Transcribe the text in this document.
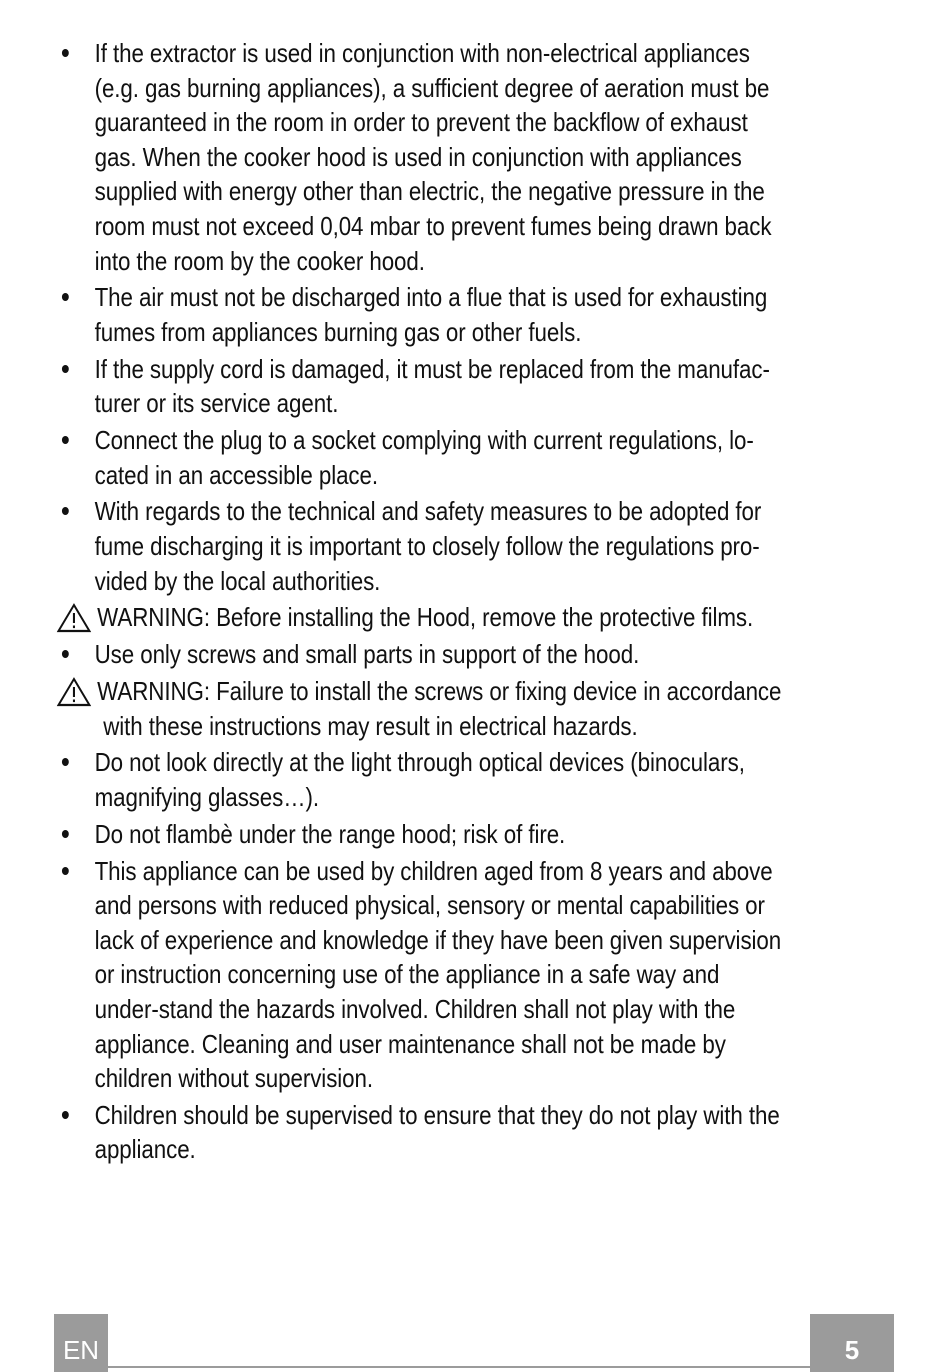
If the extractor is used in conjunction with non-electrical appliances (e.g. gas burning appliances), a sufficient degree of aeration must be guaranteed in the room in order to prevent the backflow of exhaust gas. When the cooker hood is used in conjunction with appliances supplied with energy other than electric, the negative pressure in the room must not exceed 0,04 mbar to prevent fumes being drawn back into the room by the cooker hood.
The air must not be discharged into a flue that is used for exhausting fumes from appliances burning gas or other fuels.
If the supply cord is damaged, it must be replaced from the manufac-turer or its service agent.
Connect the plug to a socket complying with current regulations, lo-cated in an accessible place.
With regards to the technical and safety measures to be adopted for fume discharging it is important to closely follow the regulations pro-vided by the local authorities.
WARNING: Before installing the Hood, remove the protective films.
Use only screws and small parts in support of the hood.
WARNING: Failure to install the screws or fixing device in accordance
with these instructions may result in electrical hazards.
Do not look directly at the light through optical devices (binoculars, magnifying glasses…).
Do not flambè under the range hood; risk of fire.
This appliance can be used by children aged from 8 years and above and persons with reduced physical, sensory or mental capabilities or lack of experience and knowledge if they have been given supervision or instruction concerning use of the appliance in a safe way and under-stand the hazards involved. Children shall not play with the appliance. Cleaning and user maintenance shall not be made by children without supervision.
Children should be supervised to ensure that they do not play with the appliance.
EN	5
